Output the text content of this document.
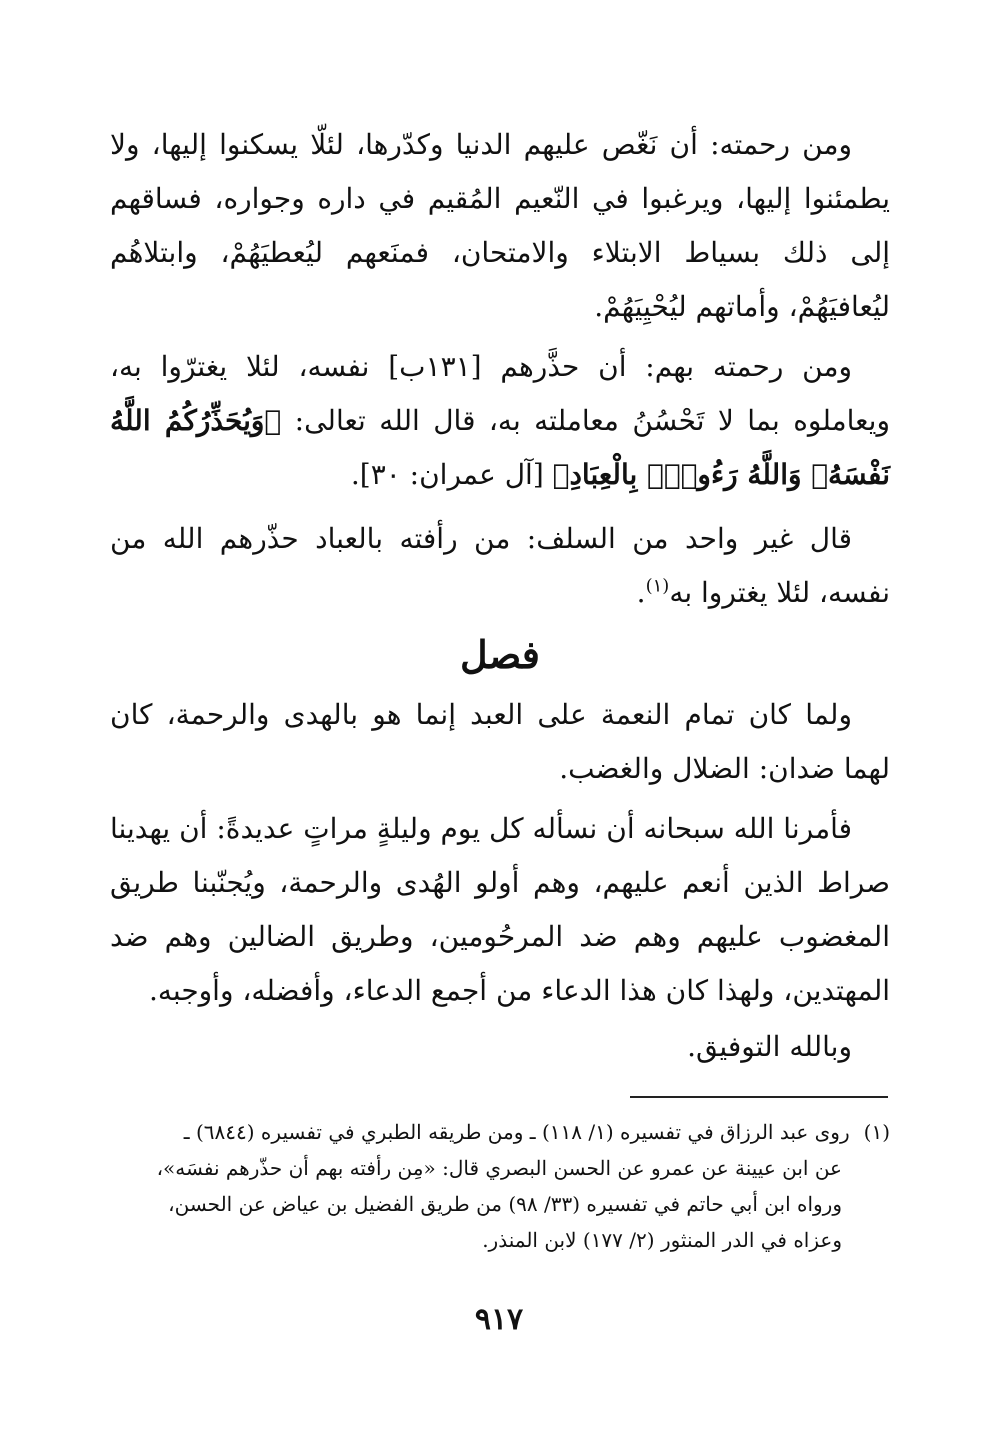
ومن رحمته: أن نَغّص عليهم الدنيا وكدّرها، لئلّا يسكنوا إليها، ولا يطمئنوا إليها، ويرغبوا في النّعيم المُقيم في داره وجواره، فساقهم إلى ذلك بسياط الابتلاء والامتحان، فمنَعهم ليُعطيَهُمْ، وابتلاهُم ليُعافيَهُمْ، وأماتهم ليُحْيِيَهُمْ.

ومن رحمته بهم: أن حذَّرهم [١٣١ب] نفسه، لئلا يغترّوا به، ويعاملوه بما لا تَحْسُنُ معاملته به، قال الله تعالى: ﴿وَيُحَذِّرُكُمُ اللَّهُ نَفْسَهُۥ وَاللَّهُ رَءُوفٌۢ بِالْعِبَادِ﴾ [آل عمران: ٣٠].

قال غير واحد من السلف: من رأفته بالعباد حذّرهم الله من نفسه، لئلا يغتروا به$^{(١)}$.

فصل

ولما كان تمام النعمة على العبد إنما هو بالهدى والرحمة، كان لهما ضدان: الضلال والغضب.

فأمرنا الله سبحانه أن نسأله كل يوم وليلةٍ مراتٍ عديدةً: أن يهدينا صراط الذين أنعم عليهم، وهم أولو الهُدى والرحمة، ويُجنّبنا طريق المغضوب عليهم وهم ضد المرحُومين، وطريق الضالين وهم ضد المهتدين، ولهذا كان هذا الدعاء من أجمع الدعاء، وأفضله، وأوجبه.

وبالله التوفيق.

(١)روى عبد الرزاق في تفسيره (١/ ١١٨) ـ ومن طريقه الطبري في تفسيره (٦٨٤٤) ـ
عن ابن عيينة عن عمرو عن الحسن البصري قال: «مِن رأفته بهم أن حذّرهم نفسَه»،
ورواه ابن أبي حاتم في تفسيره (٣٣/ ٩٨) من طريق الفضيل بن عياض عن الحسن،
وعزاه في الدر المنثور (٢/ ١٧٧) لابن المنذر.
٩١٧
